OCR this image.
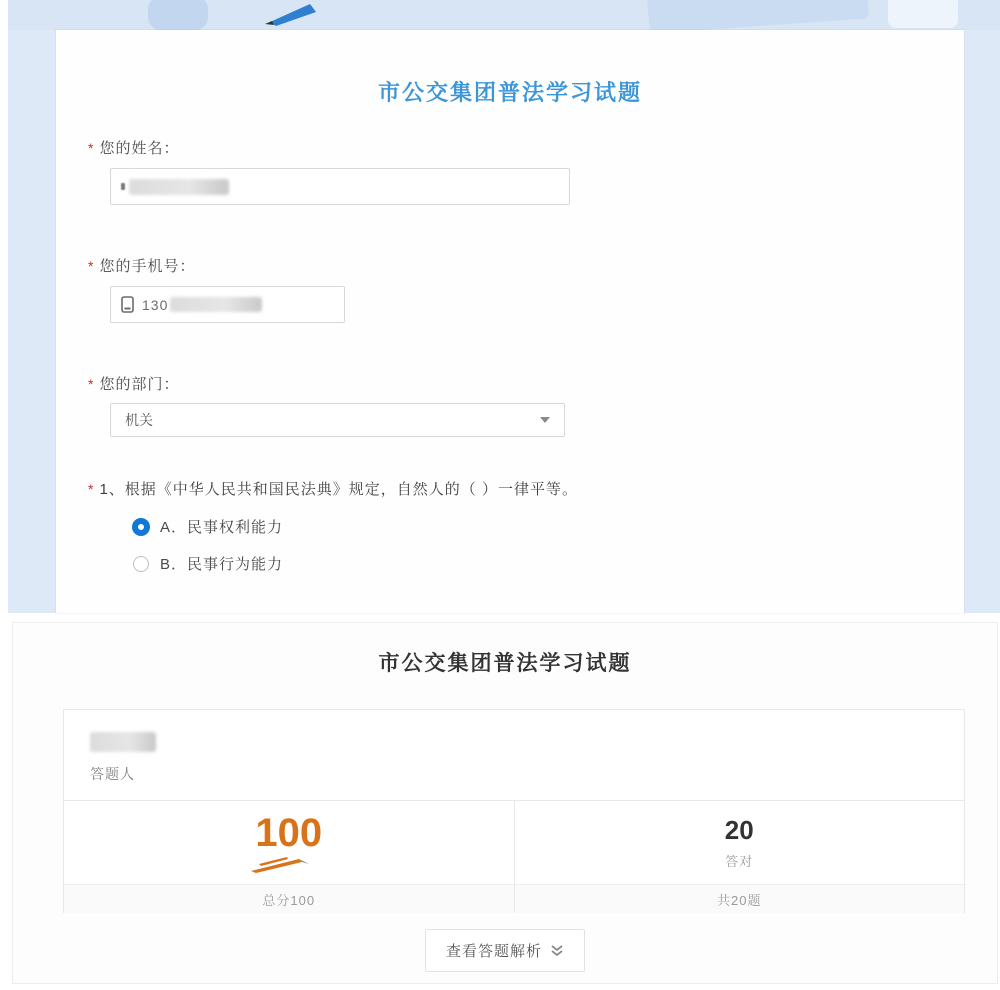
市公交集团普法学习试题
* 您的姓名：
* 您的手机号：
130
* 您的部门：
机关
* 1、根据《中华人民共和国民法典》规定，自然人的（ ）一律平等。
A．民事权利能力
B．民事行为能力
市公交集团普法学习试题
答题人
100	20
答对
总分100	共20题
查看答题解析
